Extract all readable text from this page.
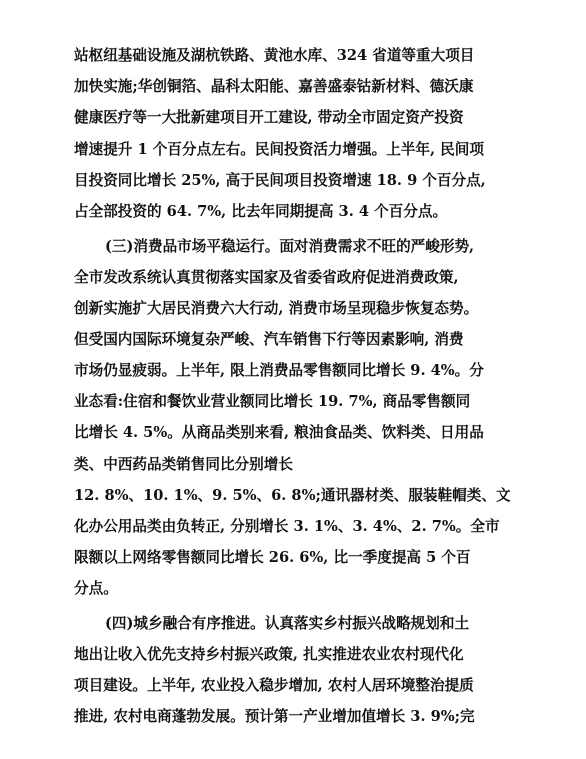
站枢纽基础设施及湖杭铁路、黄池水库、324 省道等重大项目
加快实施;华创铜箔、晶科太阳能、嘉善盛泰钴新材料、德沃康
健康医疗等一大批新建项目开工建设, 带动全市固定资产投资
增速提升 1 个百分点左右。民间投资活力增强。上半年, 民间项
目投资同比增长 25%, 高于民间项目投资增速 18. 9 个百分点,
占全部投资的 64. 7%, 比去年同期提高 3. 4 个百分点。
(三)消费品市场平稳运行。面对消费需求不旺的严峻形势,
全市发改系统认真贯彻落实国家及省委省政府促进消费政策,
创新实施扩大居民消费六大行动, 消费市场呈现稳步恢复态势。
但受国内国际环境复杂严峻、汽车销售下行等因素影响, 消费
市场仍显疲弱。上半年, 限上消费品零售额同比增长 9. 4%。分
业态看:住宿和餐饮业营业额同比增长 19. 7%, 商品零售额同
比增长 4. 5%。从商品类别来看, 粮油食品类、饮料类、日用品
类、中西药品类销售同比分别增长
12. 8%、10. 1%、9. 5%、6. 8%;通讯器材类、服装鞋帽类、文
化办公用品类由负转正, 分别增长 3. 1%、3. 4%、2. 7%。全市
限额以上网络零售额同比增长 26. 6%, 比一季度提高 5 个百
分点。
(四)城乡融合有序推进。认真落实乡村振兴战略规划和土
地出让收入优先支持乡村振兴政策, 扎实推进农业农村现代化
项目建设。上半年, 农业投入稳步增加, 农村人居环境整治提质
推进, 农村电商蓬勃发展。预计第一产业增加值增长 3. 9%;完
